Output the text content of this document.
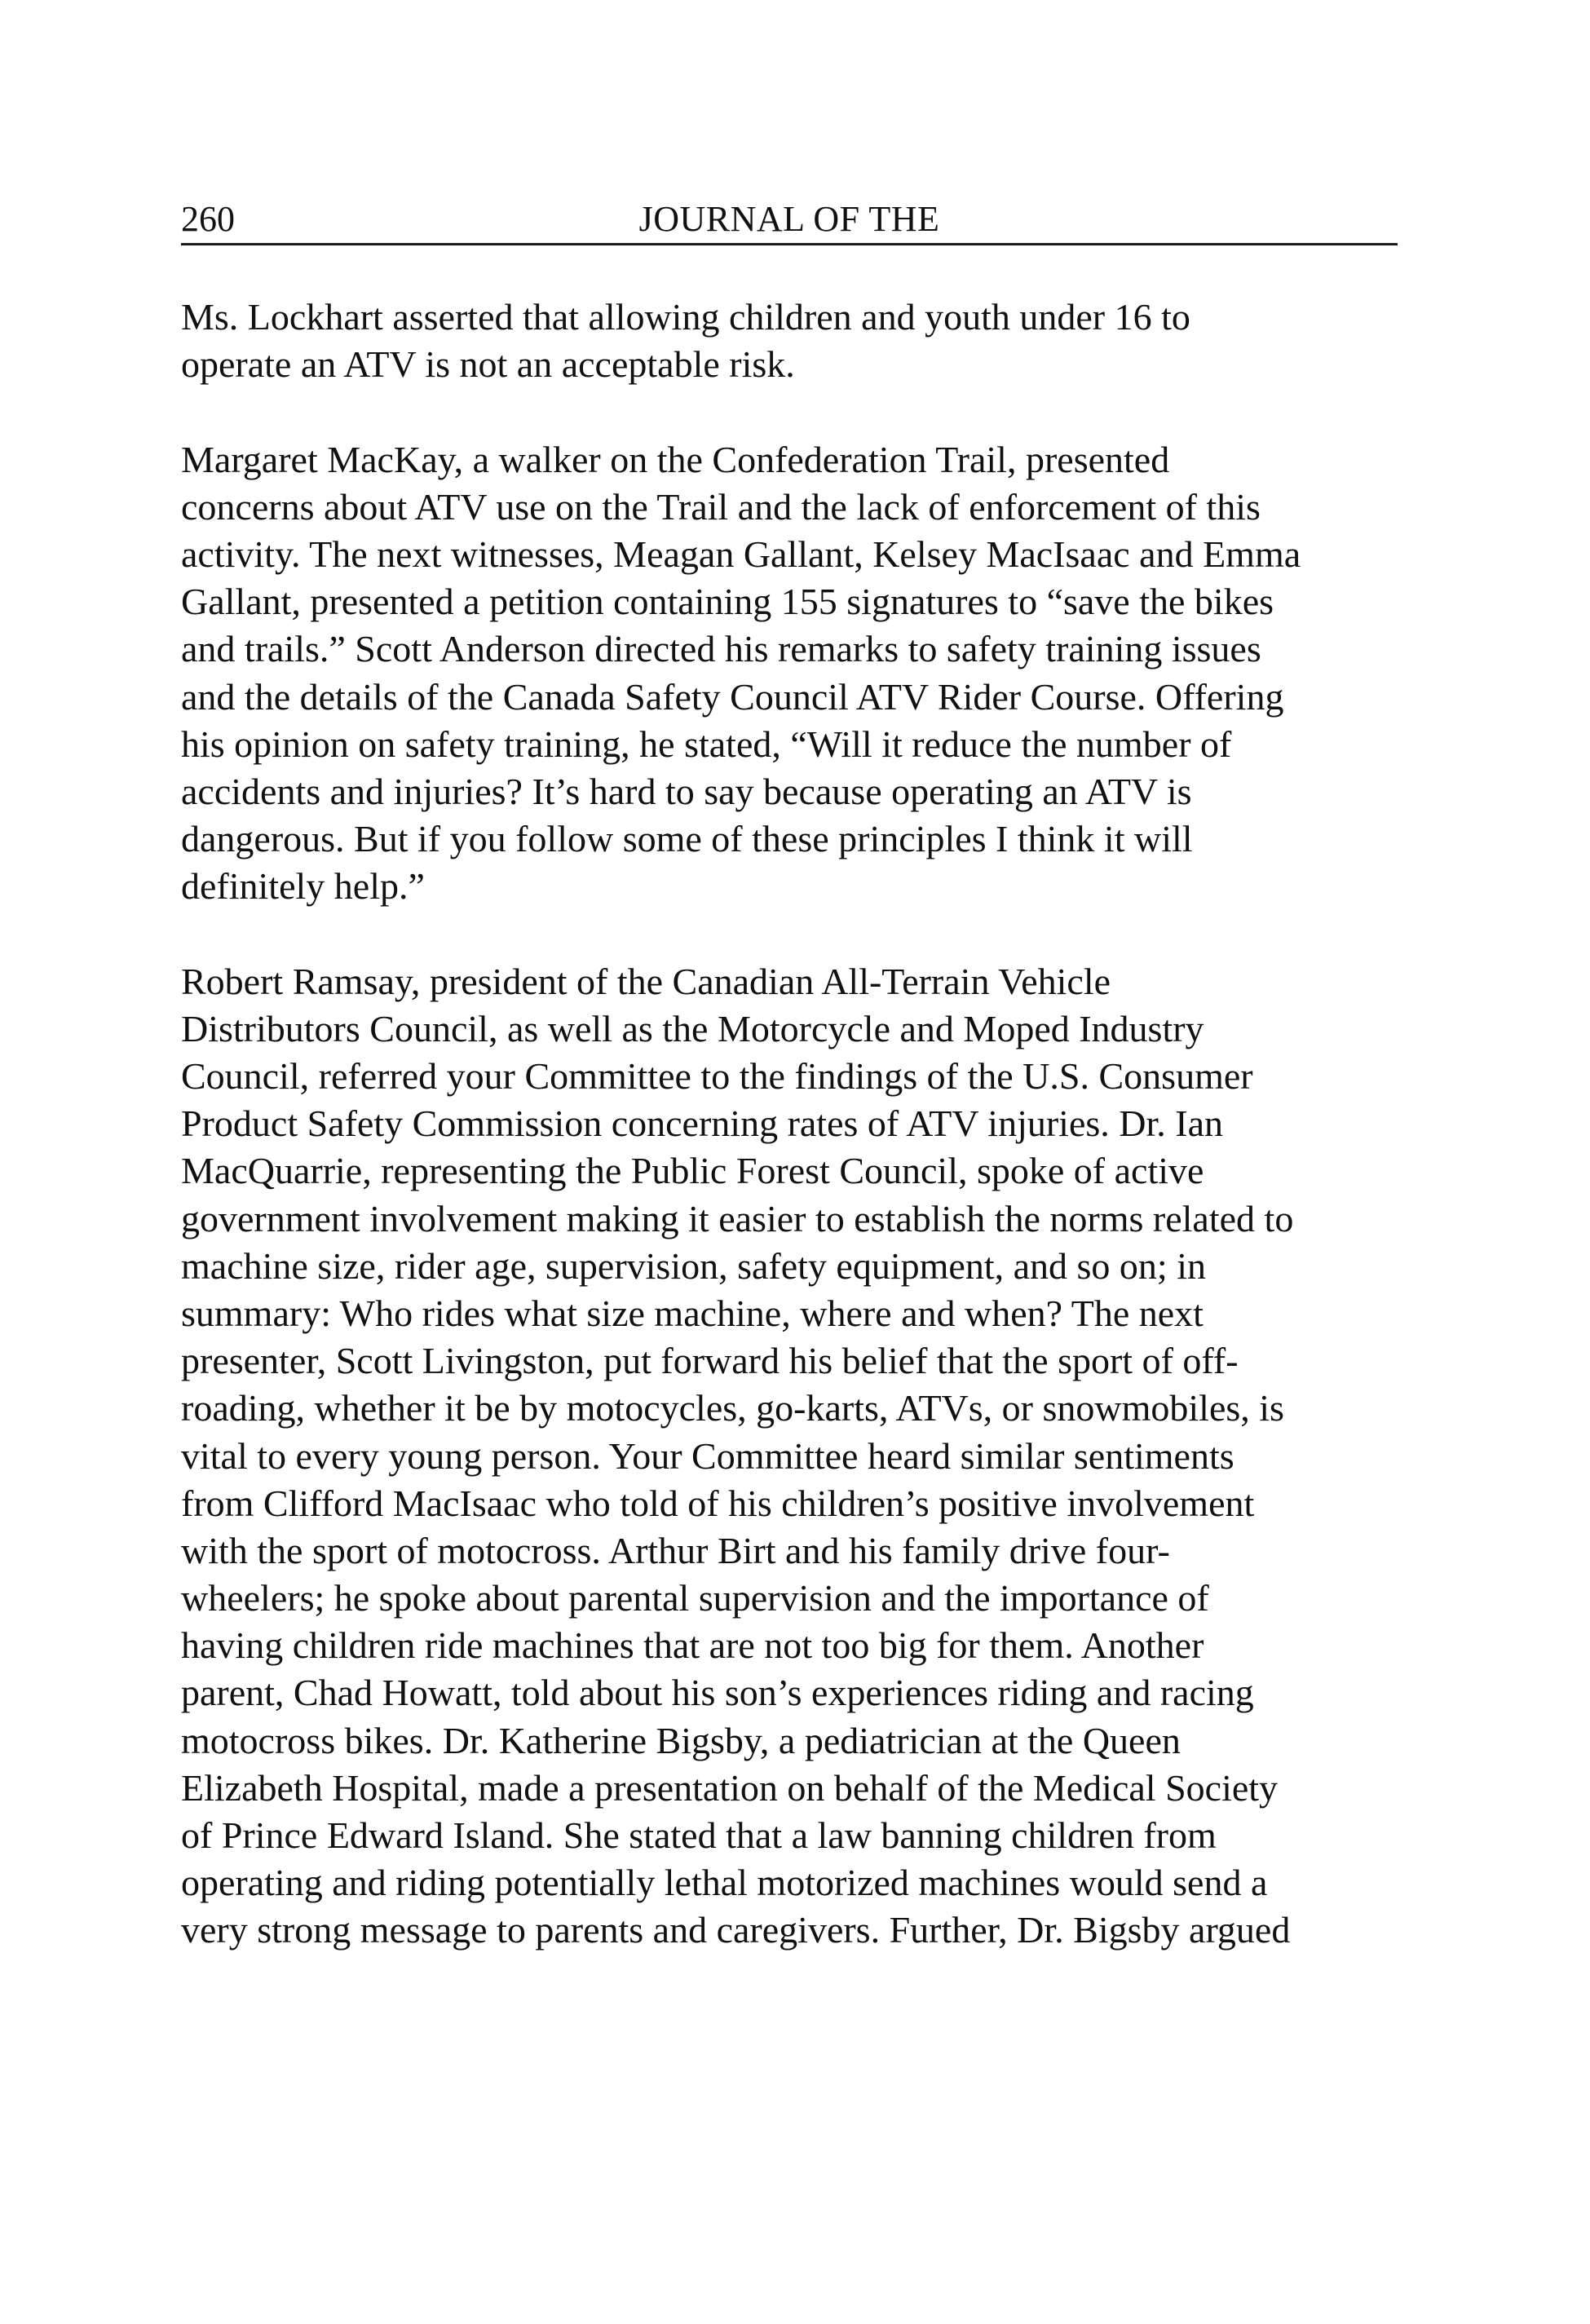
260	JOURNAL OF THE

Ms. Lockhart asserted that allowing children and youth under 16 to
operate an ATV is not an acceptable risk.

Margaret MacKay, a walker on the Confederation Trail, presented
concerns about ATV use on the Trail and the lack of enforcement of this
activity. The next witnesses, Meagan Gallant, Kelsey MacIsaac and Emma
Gallant, presented a petition containing 155 signatures to “save the bikes
and trails.” Scott Anderson directed his remarks to safety training issues
and the details of the Canada Safety Council ATV Rider Course. Offering
his opinion on safety training, he stated, “Will it reduce the number of
accidents and injuries? It’s hard to say because operating an ATV is
dangerous. But if you follow some of these principles I think it will
definitely help.”

Robert Ramsay, president of the Canadian All-Terrain Vehicle
Distributors Council, as well as the Motorcycle and Moped Industry
Council, referred your Committee to the findings of the U.S. Consumer
Product Safety Commission concerning rates of ATV injuries. Dr. Ian
MacQuarrie, representing the Public Forest Council, spoke of active
government involvement making it easier to establish the norms related to
machine size, rider age, supervision, safety equipment, and so on; in
summary: Who rides what size machine, where and when? The next
presenter, Scott Livingston, put forward his belief that the sport of off-
roading, whether it be by motocycles, go-karts, ATVs, or snowmobiles, is
vital to every young person. Your Committee heard similar sentiments
from Clifford MacIsaac who told of his children’s positive involvement
with the sport of motocross. Arthur Birt and his family drive four-
wheelers; he spoke about parental supervision and the importance of
having children ride machines that are not too big for them. Another
parent, Chad Howatt, told about his son’s experiences riding and racing
motocross bikes. Dr. Katherine Bigsby, a pediatrician at the Queen
Elizabeth Hospital, made a presentation on behalf of the Medical Society
of Prince Edward Island. She stated that a law banning children from
operating and riding potentially lethal motorized machines would send a
very strong message to parents and caregivers. Further, Dr. Bigsby argued
